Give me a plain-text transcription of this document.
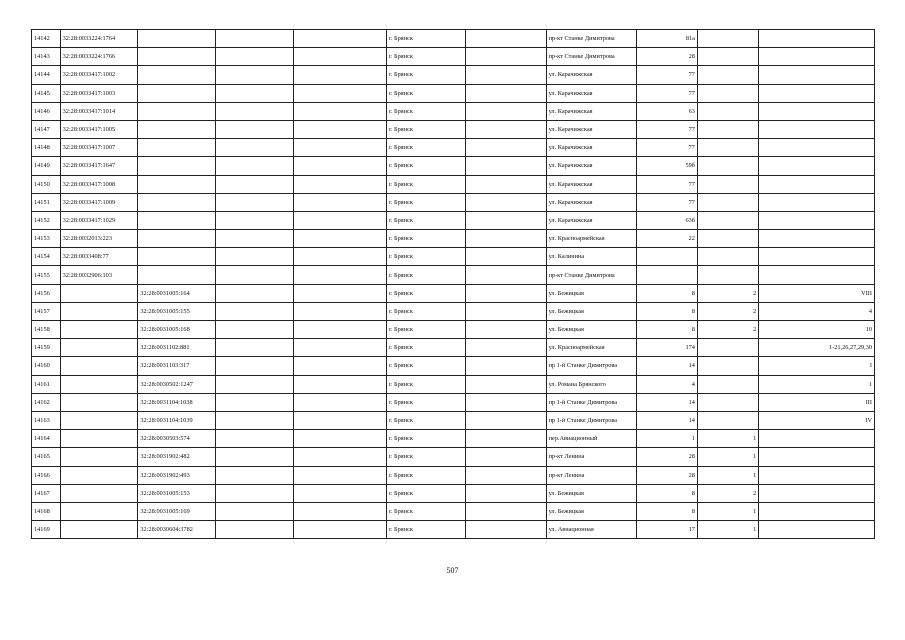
14142	32:28:0033224:1764				г. Брянск		пр-кт Станке Димитрова	81а		
14143	32:28:0033224:1766				г. Брянск		пр-кт Станке Димитрова	28		
14144	32:28:0033417:1002				г. Брянск		ул. Карачижская	77		
14145	32:28:0033417:1003				г. Брянск		ул. Карачижская	77		
14146	32:28:0033417:1014				г. Брянск		ул. Карачижская	63		
14147	32:28:0033417:1005				г. Брянск		ул. Карачижская	77		
14148	32:28:0033417:1007				г. Брянск		ул. Карачижская	77		
14149	32:28:0033417:1647				г. Брянск		ул. Карачижская	59б		
14150	32:28:0033417:1008				г. Брянск		ул. Карачижская	77		
14151	32:28:0033417:1009				г. Брянск		ул. Карачижская	77		
14152	32:28:0033417:1029				г. Брянск		ул. Карачижская	63б		
14153	32:28:0032013:223				г. Брянск		ул. Красноармейская	22		
14154	32:28:0033408:77				г. Брянск		ул. Калинина			
14155	32:28:0032906:103				г. Брянск		пр-кт Станке Димитрова			
14156		32:28:0031005:164			г. Брянск		ул. Бежицкая	8	2	VIII
14157		32:28:0031005:155			г. Брянск		ул. Бежицкая	8	2	4
14158		32:28:0031005:168			г. Брянск		ул. Бежицкая	8	2	10
14159		32:28:0031102:881			г. Брянск		ул. Красноармейская	174		1-21,26,27,29,30
14160		32:28:0031103:317			г. Брянск		пр 1-й Станке Димитрова	14		I
14161		32:28:0030502:1247			г. Брянск		ул. Романа Брянского	4		1
14162		32:28:0031104:1038			г. Брянск		пр 1-й Станке Димитрова	14		III
14163		32:28:0031104:1039			г. Брянск		пр 1-й Станке Димитрова	14		IV
14164		32:28:0030503:574			г. Брянск		пер.Авиационный	1	1	
14165		32:28:0031902:482			г. Брянск		пр-кт Ленина	28	1	
14166		32:28:0031902:493			г. Брянск		пр-кт Ленина	28	1	
14167		32:28:0031005:153			г. Брянск		ул. Бежицкая	8	2	
14168		32:28:0031005:169			г. Брянск		ул. Бежицкая	8	1	
14169		32:28:0030604:3782			г. Брянск		ул. Авиационная	17	1	
507
